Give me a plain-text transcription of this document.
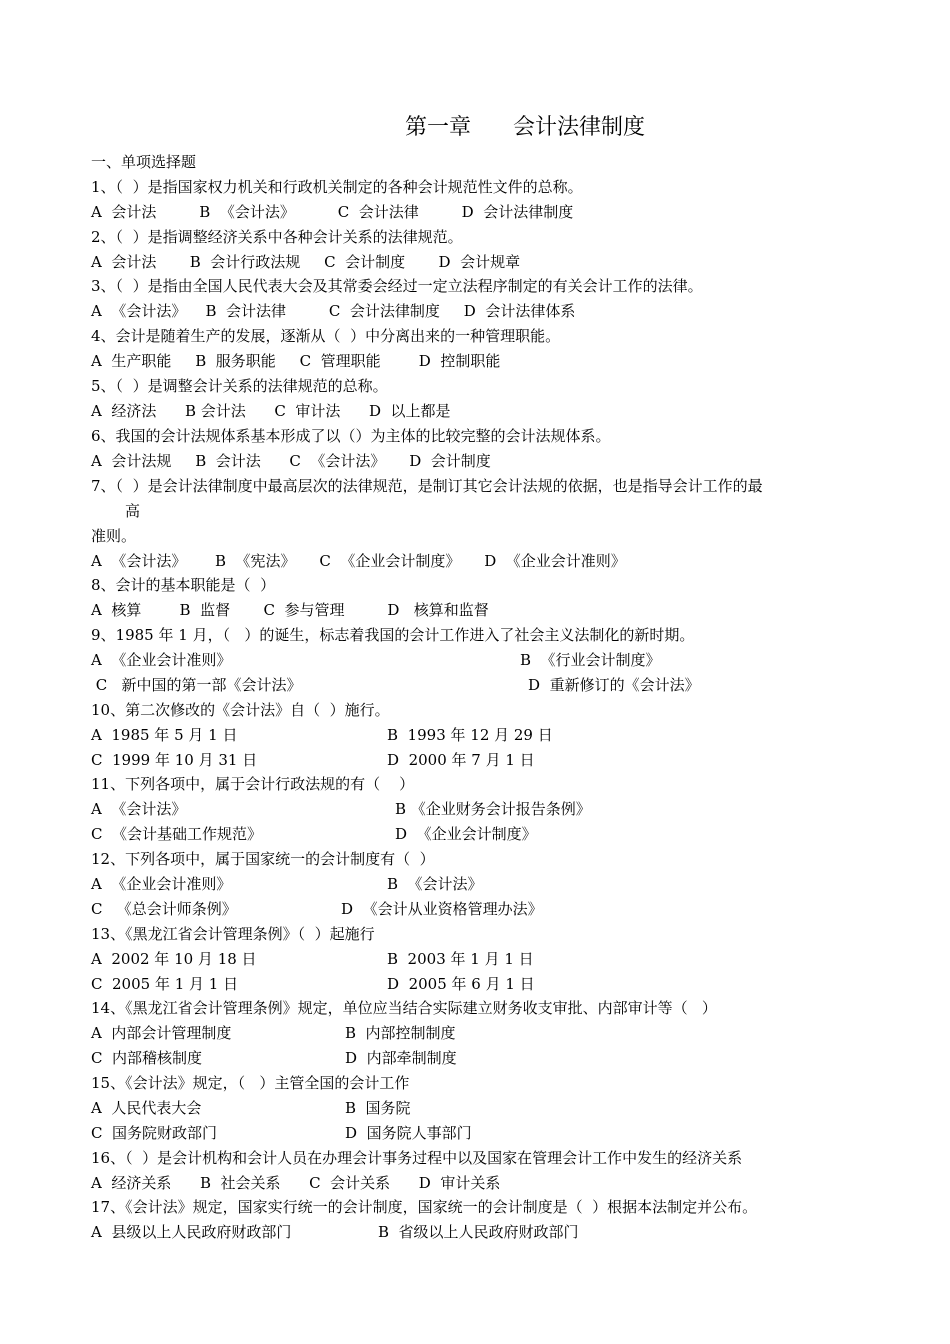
第一章      会计法律制度
一、单项选择题
1、（  ）是指国家权力机关和行政机关制定的各种会计规范性文件的总称。
A  会计法         B  《会计法》         C  会计法律         D  会计法律制度
2、（  ）是指调整经济关系中各种会计关系的法律规范。
A  会计法       B  会计行政法规     C  会计制度       D  会计规章
3、（  ）是指由全国人民代表大会及其常委会经过一定立法程序制定的有关会计工作的法律。
A  《会计法》    B  会计法律         C  会计法律制度     D  会计法律体系
4、会计是随着生产的发展，逐渐从（  ）中分离出来的一种管理职能。
A  生产职能     B  服务职能     C  管理职能        D  控制职能
5、（  ）是调整会计关系的法律规范的总称。
A  经济法      B 会计法      C  审计法      D  以上都是
6、我国的会计法规体系基本形成了以（）为主体的比较完整的会计法规体系。
A  会计法规     B  会计法      C  《会计法》     D  会计制度
7、（  ）是会计法律制度中最高层次的法律规范，是制订其它会计法规的依据，也是指导会计工作的最
高
准则。
A  《会计法》      B  《宪法》     C  《企业会计制度》     D  《企业会计准则》
8、会计的基本职能是（  ）
A  核算        B  监督       C  参与管理         D   核算和监督
9、1985 年 1 月，（   ）的诞生，标志着我国的会计工作进入了社会主义法制化的新时期。
A  《企业会计准则》	B  《行业会计制度》
C   新中国的第一部《会计法》	D  重新修订的《会计法》
10、第二次修改的《会计法》自（  ）施行。
A  1985 年 5 月 1 日	B  1993 年 12 月 29 日
C  1999 年 10 月 31 日	D  2000 年 7 月 1 日
11、下列各项中，属于会计行政法规的有（    ）
A  《会计法》	B 《企业财务会计报告条例》
C  《会计基础工作规范》	D  《企业会计制度》
12、下列各项中，属于国家统一的会计制度有（  ）
A  《企业会计准则》	B  《会计法》
C   《总会计师条例》	D  《会计从业资格管理办法》
13、《黑龙江省会计管理条例》（  ）起施行
A  2002 年 10 月 18 日	B  2003 年 1 月 1 日
C  2005 年 1 月 1 日	D  2005 年 6 月 1 日
14、《黑龙江省会计管理条例》规定，单位应当结合实际建立财务收支审批、内部审计等（   ）
A  内部会计管理制度	B  内部控制制度
C  内部稽核制度	D  内部牵制制度
15、《会计法》规定，（   ）主管全国的会计工作
A  人民代表大会	B  国务院
C  国务院财政部门	D  国务院人事部门
16、（  ）是会计机构和会计人员在办理会计事务过程中以及国家在管理会计工作中发生的经济关系
A  经济关系      B  社会关系      C  会计关系      D  审计关系
17、《会计法》规定，国家实行统一的会计制度，国家统一的会计制度是（  ）根据本法制定并公布。
A  县级以上人民政府财政部门	B  省级以上人民政府财政部门
